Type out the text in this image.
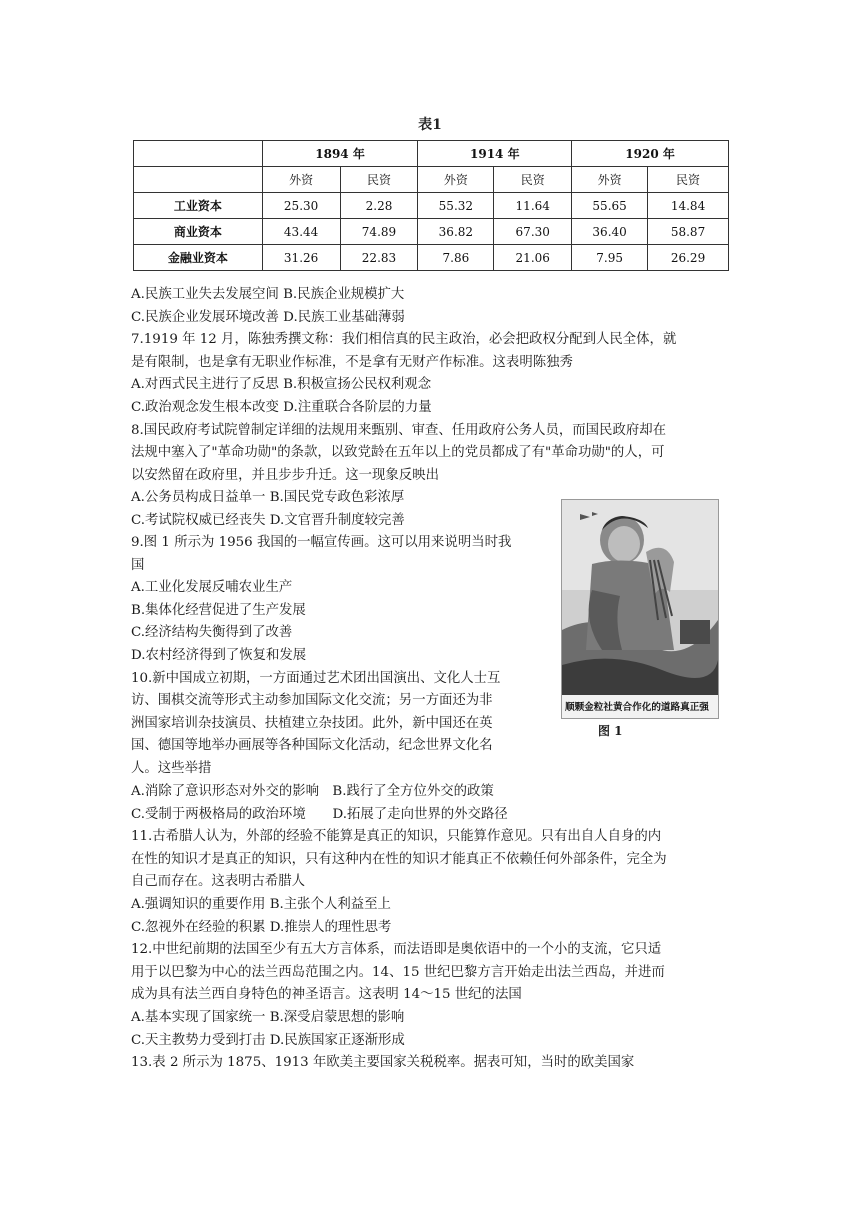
表1
	1894 年		1914 年		1920 年	
	外资	民资	外资	民资	外资	民资
工业资本	25.30	2.28	55.32	11.64	55.65	14.84
商业资本	43.44	74.89	36.82	67.30	36.40	58.87
金融业资本	31.26	22.83	7.86	21.06	7.95	26.29

A.民族工业失去发展空间 B.民族企业规模扩大

C.民族企业发展环境改善 D.民族工业基础薄弱

7.1919 年 12 月，陈独秀撰文称：我们相信真的民主政治，必会把政权分配到人民全体，就

是有限制，也是拿有无职业作标准，不是拿有无财产作标准。这表明陈独秀

A.对西式民主进行了反思 B.积极宣扬公民权利观念

C.政治观念发生根本改变 D.注重联合各阶层的力量

8.国民政府考试院曾制定详细的法规用来甄别、审查、任用政府公务人员，而国民政府却在

法规中塞入了"革命功勋"的条款，以致党龄在五年以上的党员都成了有"革命功勋"的人，可

以安然留在政府里，并且步步升迁。这一现象反映出

A.公务员构成日益单一 B.国民党专政色彩浓厚

C.考试院权威已经丧失 D.文官晋升制度较完善

9.图 1 所示为 1956 我国的一幅宣传画。这可以用来说明当时我

国

A.工业化发展反哺农业生产

B.集体化经营促进了生产发展

C.经济结构失衡得到了改善

D.农村经济得到了恢复和发展

10.新中国成立初期，一方面通过艺术团出国演出、文化人士互

访、围棋交流等形式主动参加国际文化交流；另一方面还为非

洲国家培训杂技演员、扶植建立杂技团。此外，新中国还在英

国、德国等地举办画展等各种国际文化活动，纪念世界文化名

人。这些举措

顺颗金粒社黄合作化的道路真正强
图 1

A.消除了意识形态对外交的影响　B.践行了全方位外交的政策

C.受制于两极格局的政治环境　　D.拓展了走向世界的外交路径

11.古希腊人认为，外部的经验不能算是真正的知识，只能算作意见。只有出自人自身的内

在性的知识才是真正的知识，只有这种内在性的知识才能真正不依赖任何外部条件，完全为

自己而存在。这表明古希腊人

A.强调知识的重要作用 B.主张个人利益至上

C.忽视外在经验的积累 D.推崇人的理性思考

12.中世纪前期的法国至少有五大方言体系，而法语即是奥依语中的一个小的支流，它只适

用于以巴黎为中心的法兰西岛范围之内。14、15 世纪巴黎方言开始走出法兰西岛，并进而

成为具有法兰西自身特色的神圣语言。这表明 14～15 世纪的法国

A.基本实现了国家统一 B.深受启蒙思想的影响

C.天主教势力受到打击 D.民族国家正逐渐形成

13.表 2 所示为 1875、1913 年欧美主要国家关税税率。据表可知，当时的欧美国家
